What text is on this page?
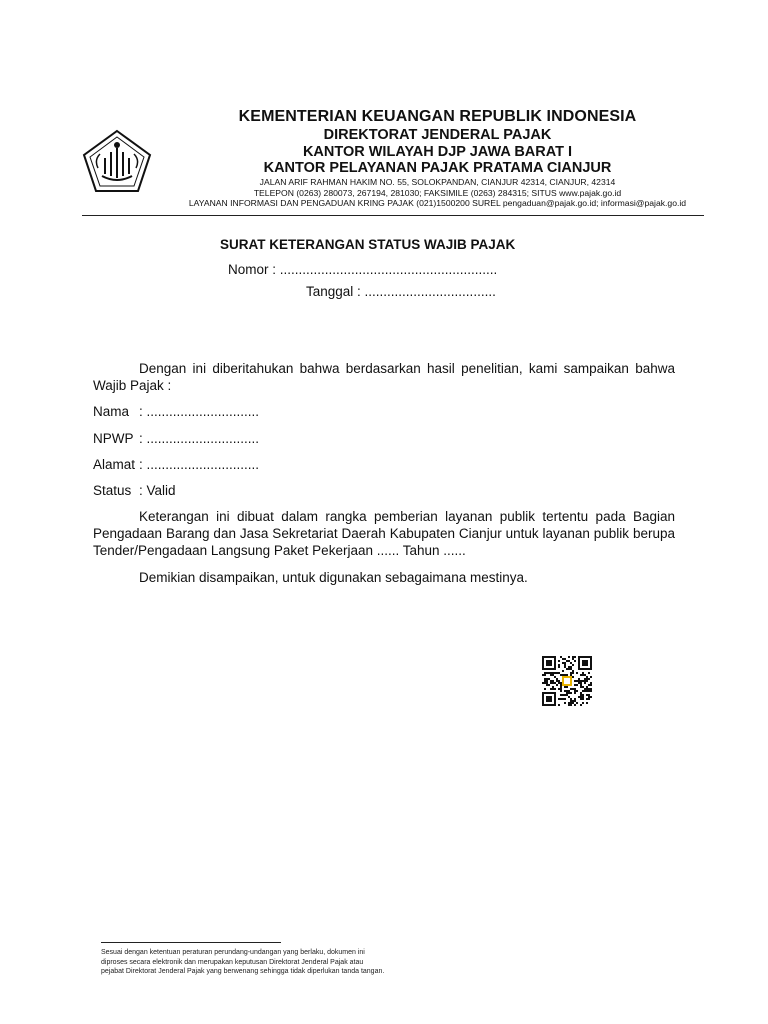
KEMENTERIAN KEUANGAN REPUBLIK INDONESIA
DIREKTORAT JENDERAL PAJAK
KANTOR WILAYAH DJP JAWA BARAT I
KANTOR PELAYANAN PAJAK PRATAMA CIANJUR
JALAN ARIF RAHMAN HAKIM NO. 55, SOLOKPANDAN, CIANJUR 42314, CIANJUR, 42314
TELEPON (0263) 280073, 267194, 281030; FAKSIMILE (0263) 284315; SITUS www.pajak.go.id
LAYANAN INFORMASI DAN PENGADUAN KRING PAJAK (021)1500200 SUREL pengaduan@pajak.go.id; informasi@pajak.go.id
SURAT KETERANGAN STATUS WAJIB PAJAK
Nomor : ..........................................................
Tanggal : ...................................
Dengan ini diberitahukan bahwa berdasarkan hasil penelitian, kami sampaikan bahwa Wajib Pajak :
Nama : ..............................
NPWP : ..............................
Alamat : ..............................
Status : Valid
Keterangan ini dibuat dalam rangka pemberian layanan publik tertentu pada Bagian Pengadaan Barang dan Jasa Sekretariat Daerah Kabupaten Cianjur untuk layanan publik berupa Tender/Pengadaan Langsung Paket Pekerjaan ...... Tahun ......
Demikian disampaikan, untuk digunakan sebagaimana mestinya.
Sesuai dengan ketentuan peraturan perundang-undangan yang berlaku, dokumen ini
diproses secara elektronik dan merupakan keputusan Direktorat Jenderal Pajak atau
pejabat Direktorat Jenderal Pajak yang berwenang sehingga tidak diperlukan tanda tangan.
